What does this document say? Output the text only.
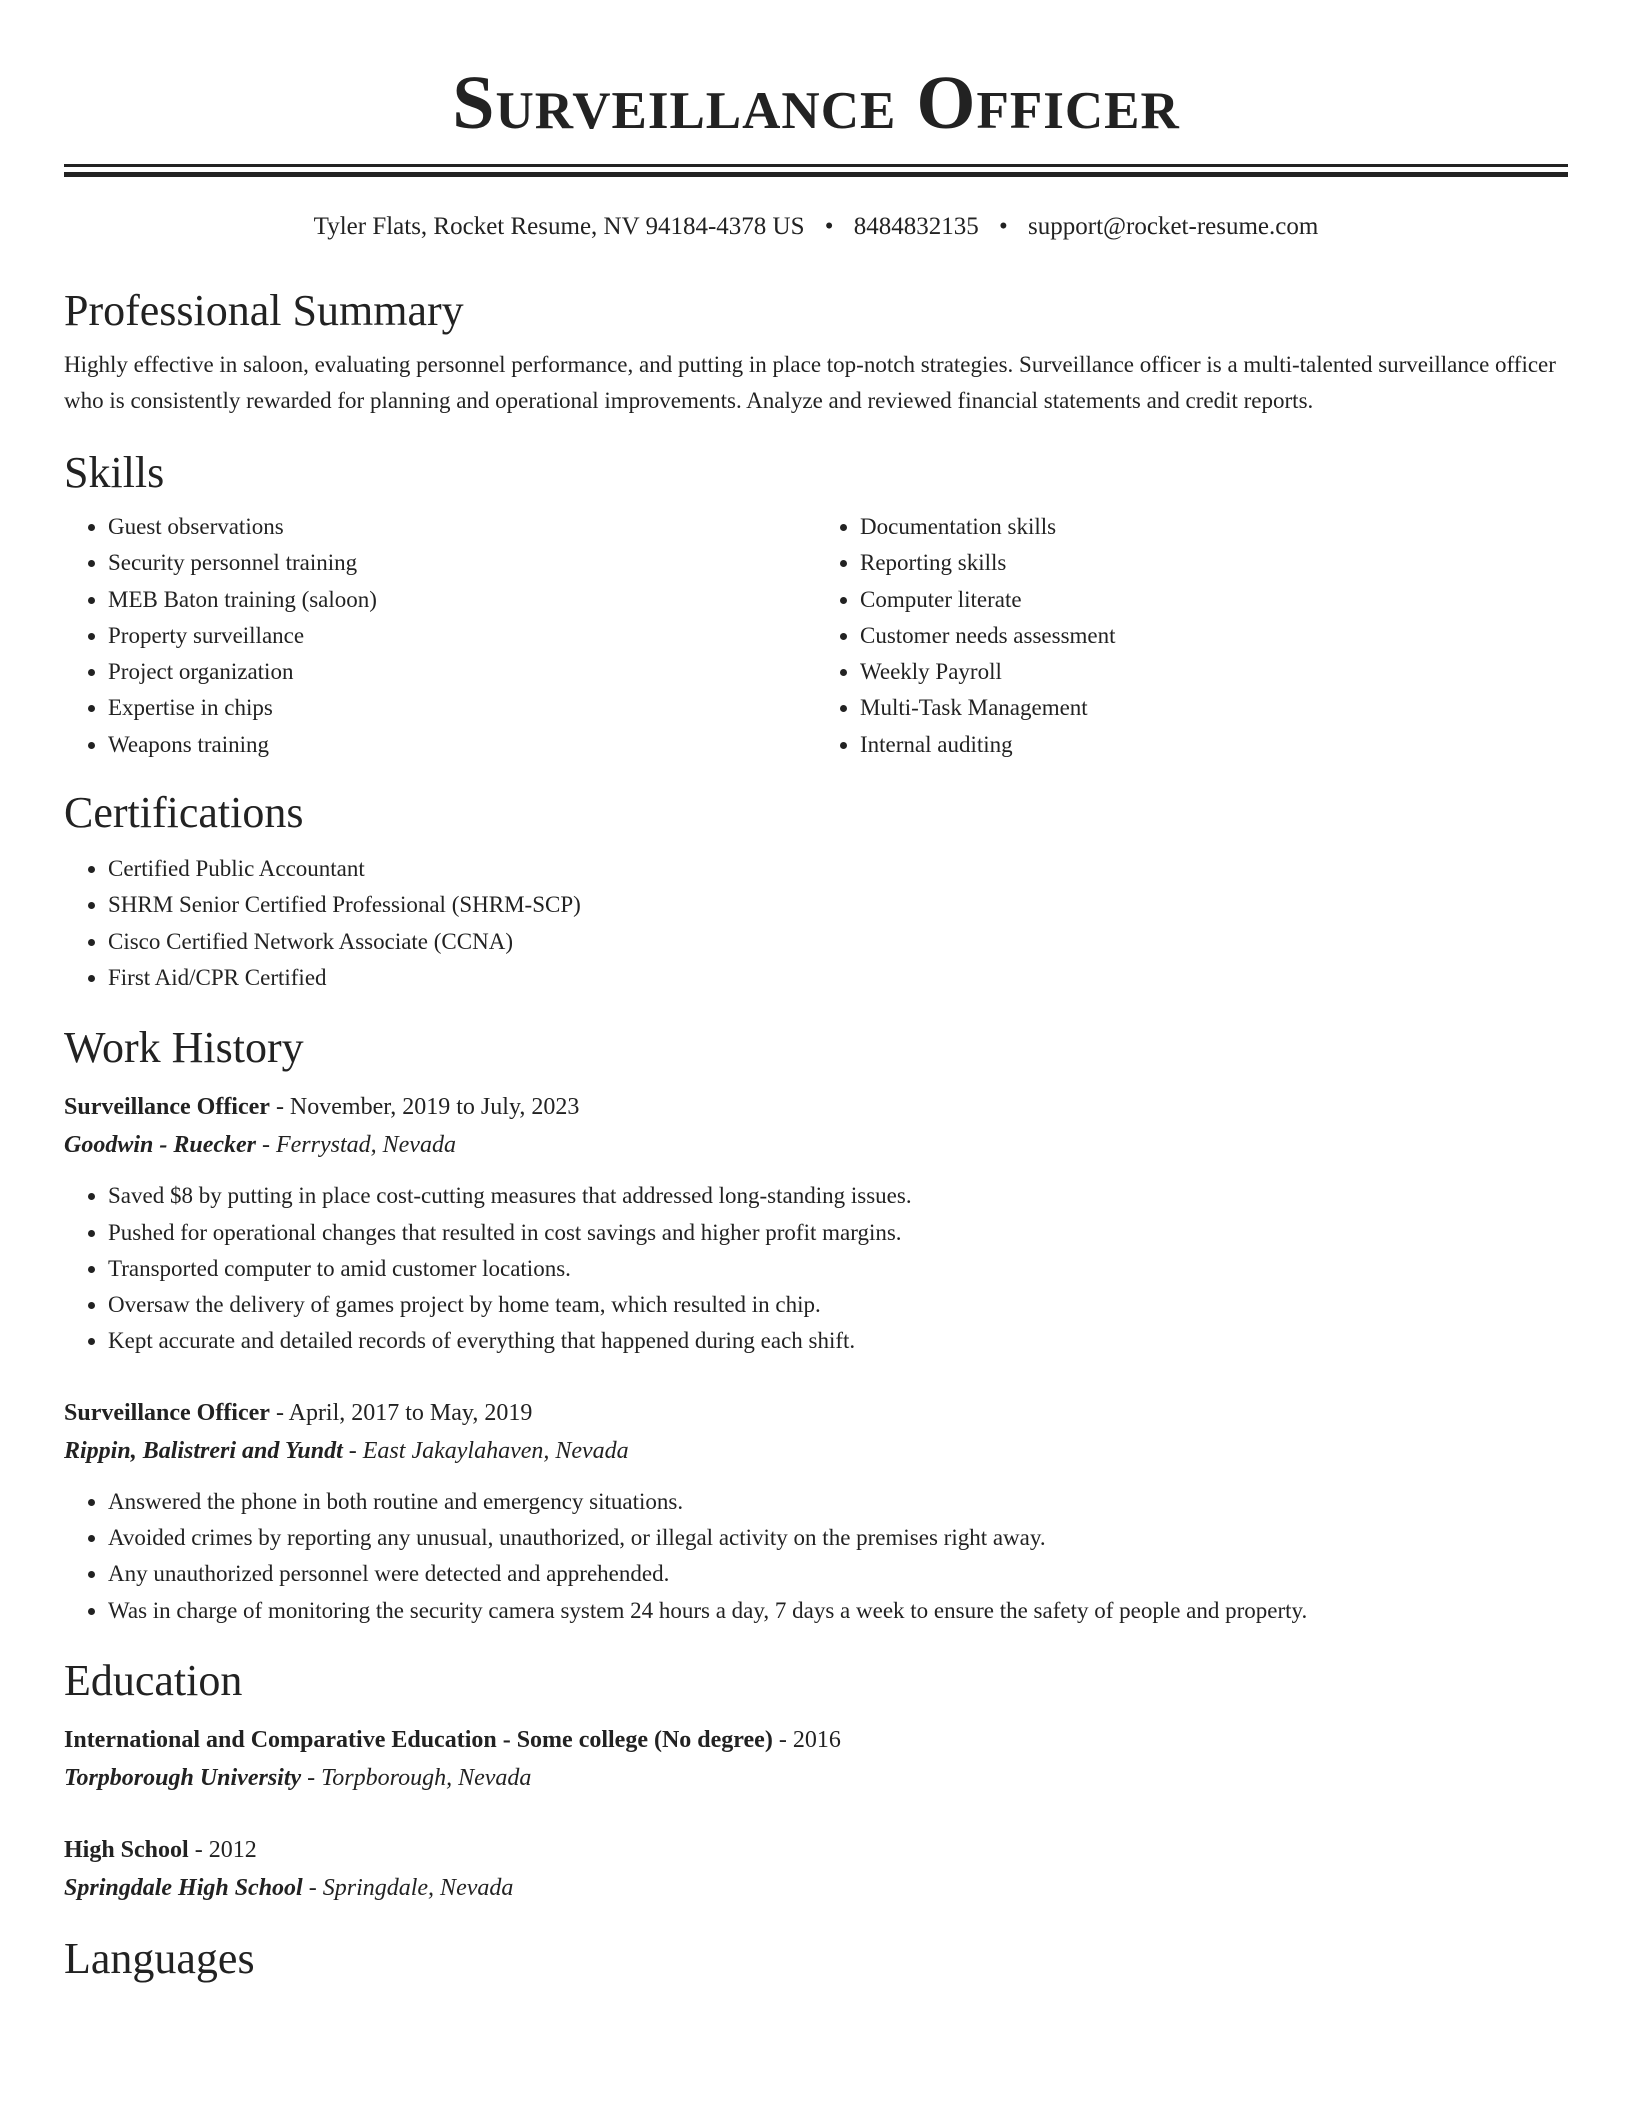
Surveillance Officer
Tyler Flats, Rocket Resume, NV 94184-4378 US • 8484832135 • support@rocket-resume.com
Professional Summary

Highly effective in saloon, evaluating personnel performance, and putting in place top-notch strategies. Surveillance officer is a multi-talented surveillance officer who is consistently rewarded for planning and operational improvements. Analyze and reviewed financial statements and credit reports.

Skills
• Guest observations
• Security personnel training
• MEB Baton training (saloon)
• Property surveillance
• Project organization
• Expertise in chips
• Weapons training
• Documentation skills
• Reporting skills
• Computer literate
• Customer needs assessment
• Weekly Payroll
• Multi-Task Management
• Internal auditing
Certifications
• Certified Public Accountant
• SHRM Senior Certified Professional (SHRM-SCP)
• Cisco Certified Network Associate (CCNA)
• First Aid/CPR Certified
Work History
Surveillance Officer - November, 2019 to July, 2023
Goodwin - Ruecker - Ferrystad, Nevada
• Saved $8 by putting in place cost-cutting measures that addressed long-standing issues.
• Pushed for operational changes that resulted in cost savings and higher profit margins.
• Transported computer to amid customer locations.
• Oversaw the delivery of games project by home team, which resulted in chip.
• Kept accurate and detailed records of everything that happened during each shift.
Surveillance Officer - April, 2017 to May, 2019
Rippin, Balistreri and Yundt - East Jakaylahaven, Nevada
• Answered the phone in both routine and emergency situations.
• Avoided crimes by reporting any unusual, unauthorized, or illegal activity on the premises right away.
• Any unauthorized personnel were detected and apprehended.
• Was in charge of monitoring the security camera system 24 hours a day, 7 days a week to ensure the safety of people and property.
Education
International and Comparative Education - Some college (No degree) - 2016
Torpborough University - Torpborough, Nevada
High School - 2012
Springdale High School - Springdale, Nevada
Languages
